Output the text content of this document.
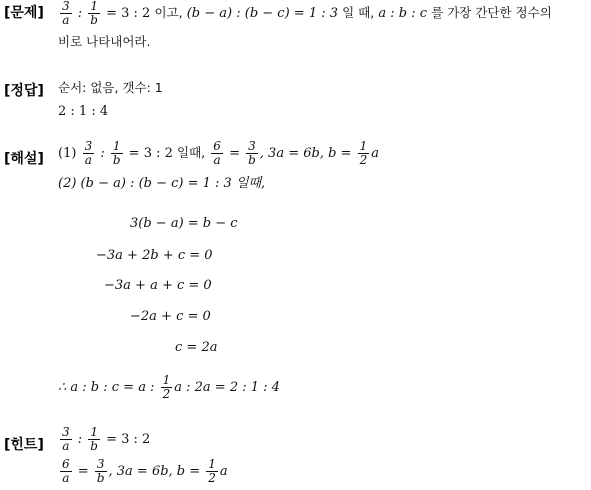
[문제]
[정답]
[해설]
[힌트]
$\frac{3}{a}$ : $\frac{1}{b} = 3$ : 2 이고, (b − a) : (b − c) = 1 : 3 일 때, a : b : c 를 가장 간단한 정수의
비로 나타내어라.
순서: 없음, 갯수: 1
2 : 1 : 4
$(1) \frac{3}{a}$ : $\frac{1}{b} = 3$ : 2 일때, $\frac{6}{a} = \frac{3}{b}$ , 3a = 6b, $b = \frac{1}{2}$ a
(2) (b − a) : (b − c) = 1 : 3 일때,
3(b − a) = b − c
−3a + 2b + c = 0
−3a + a + c = 0
−2a + c = 0
c = 2a
∴ a : b : c = a : $\frac{1}{2}$ a : 2a = 2 : 1 : 4
$\frac{3}{a}$ : $\frac{1}{b} = 3$ : 2
$\frac{6}{a} = \frac{3}{b}$ , 3a = 6b, $b = \frac{1}{2}$ a
